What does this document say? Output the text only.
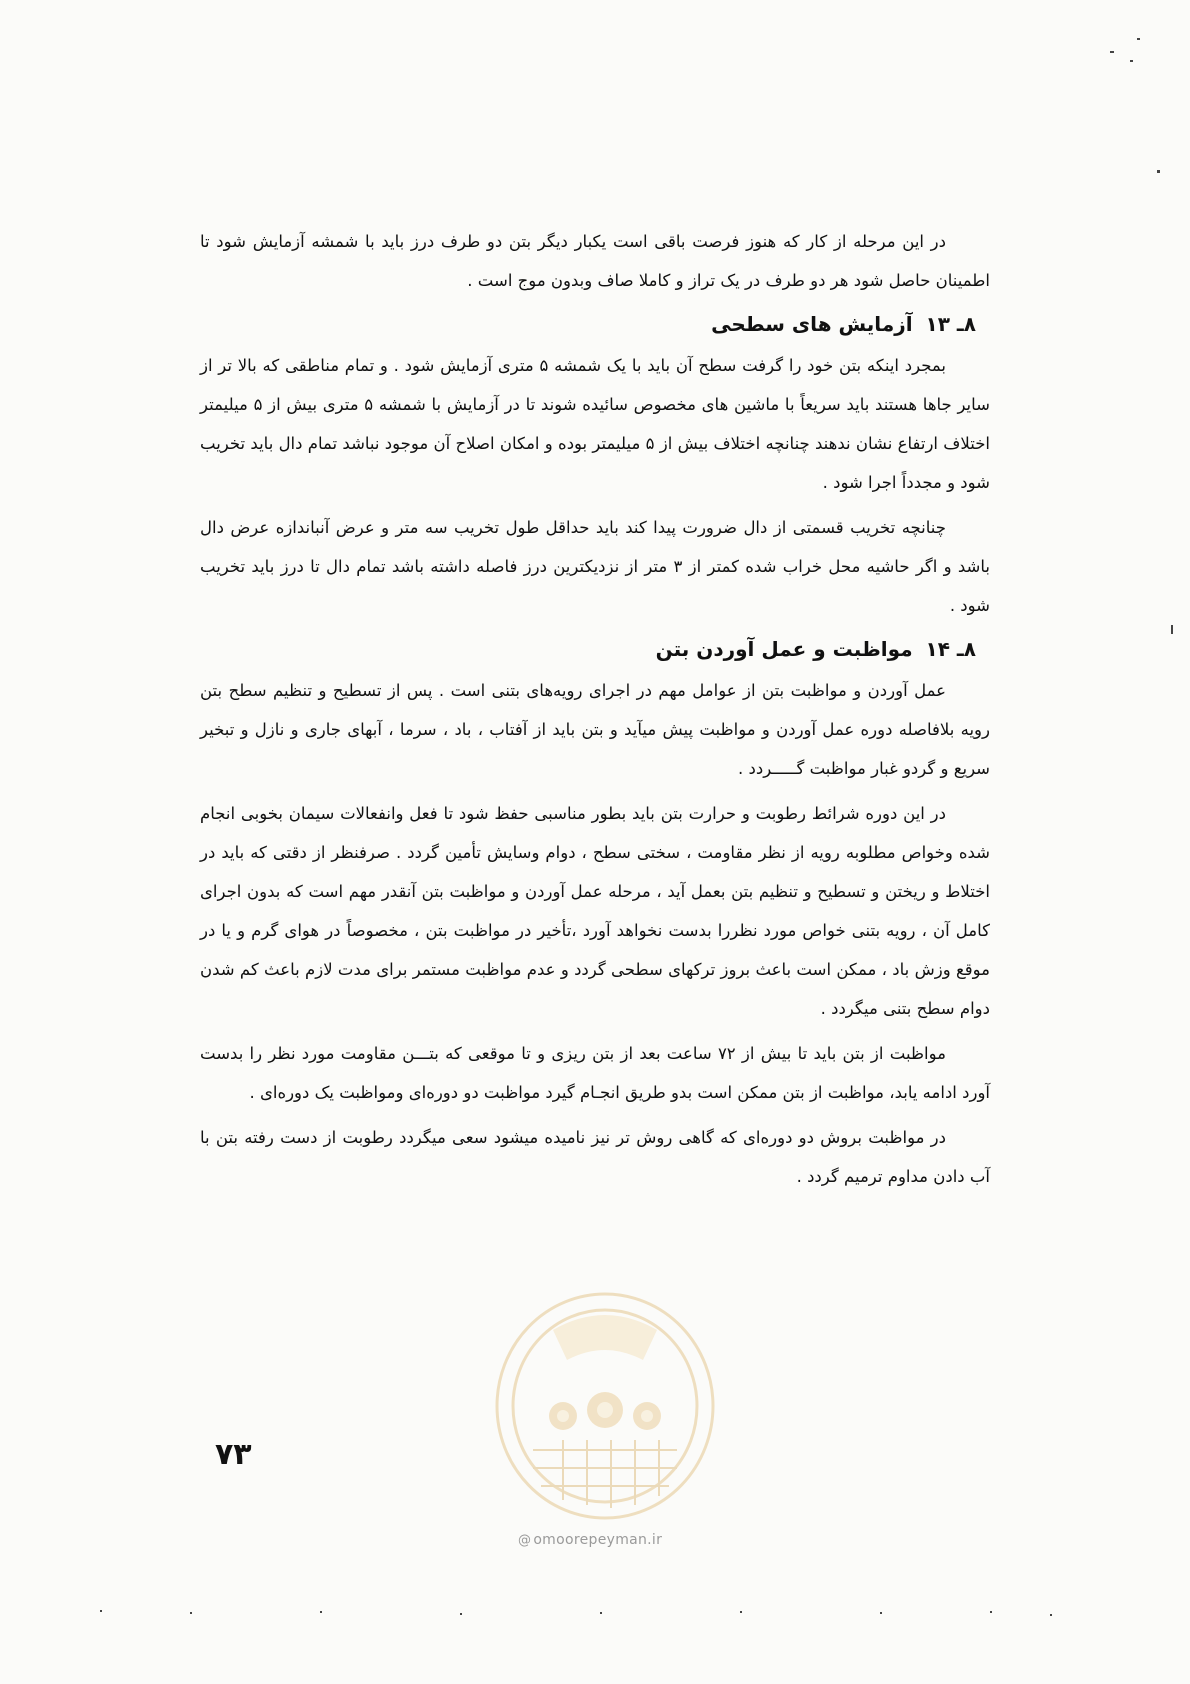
در این مرحله از کار که هنوز فرصت باقی است یکبار دیگر بتن دو طرف درز باید با شمشه آزمایش شود تا اطمینان حاصل شود هر دو طرف در یک تراز و کاملا صاف وبدون موج است .

۸ـ ۱۳ آزمایش های سطحی

بمجرد اینکه بتن خود را گرفت سطح آن باید با یک شمشه ۵ متری آزمایش شود . و تمام مناطقی که بالا تر از سایر جاها هستند باید سریعاً با ماشین های مخصوص سائیده شوند تا در آزمایش با شمشه ۵ متری بیش از ۵ میلیمتر اختلاف ارتفاع نشان ندهند چنانچه اختلاف بیش از ۵ میلیمتر بوده و امکان اصلاح آن موجود نباشد تمام دال باید تخریب شود و مجدداً اجرا شود .

چنانچه تخریب قسمتی از دال ضرورت پیدا کند باید حداقل طول تخریب سه متر و عرض آنباندازه عرض دال باشد و اگر حاشیه محل خراب شده کمتر از ۳ متر از نزدیکترین درز فاصله داشته باشد تمام دال تا درز باید تخریب شود .

۸ـ ۱۴ مواظبت و عمل آوردن بتن

عمل آوردن و مواظبت بتن از عوامل مهم در اجرای رویه‌های بتنی است . پس از تسطیح و تنظیم سطح بتن رویه بلافاصله دوره عمل آوردن و مواظبت پیش میآید و بتن باید از آفتاب ، باد ، سرما ، آبهای جاری و نازل و تبخیر سریع و گردو غبار مواظبت گـــــردد .

در این دوره شرائط رطوبت و حرارت بتن باید بطور مناسبی حفظ شود تا فعل وانفعالات سیمان بخوبی انجام شده وخواص مطلوبه رویه از نظر مقاومت ، سختی سطح ، دوام وسایش تأمین گردد . صرفنظر از دقتی که باید در اختلاط و ریختن و تسطیح و تنظیم بتن بعمل آید ، مرحله عمل آوردن و مواظبت بتن آنقدر مهم است که بدون اجرای کامل آن ، رویه بتنی خواص مورد نظررا بدست نخواهد آورد ،تأخیر در مواظبت بتن ، مخصوصاً در هوای گرم و یا در موقع وزش باد ، ممکن است باعث بروز ترکهای سطحی گردد و عدم مواظبت مستمر برای مدت لازم باعث کم شدن دوام سطح بتنی میگردد .

مواظبت از بتن باید تا بیش از ۷۲ ساعت بعد از بتن ریزی و تا موقعی که بتـــن مقاومت مورد نظر را بدست آورد ادامه یابد، مواظبت از بتن ممکن است بدو طریق انجـام گیرد مواظبت دو دوره‌ای ومواظبت یک دوره‌ای .

در مواظبت بروش دو دوره‌ای که گاهی روش تر نیز نامیده میشود سعی میگردد رطوبت از دست رفته بتن با آب دادن مداوم ترمیم گردد .

۷۳
@ omoorepeyman.ir
